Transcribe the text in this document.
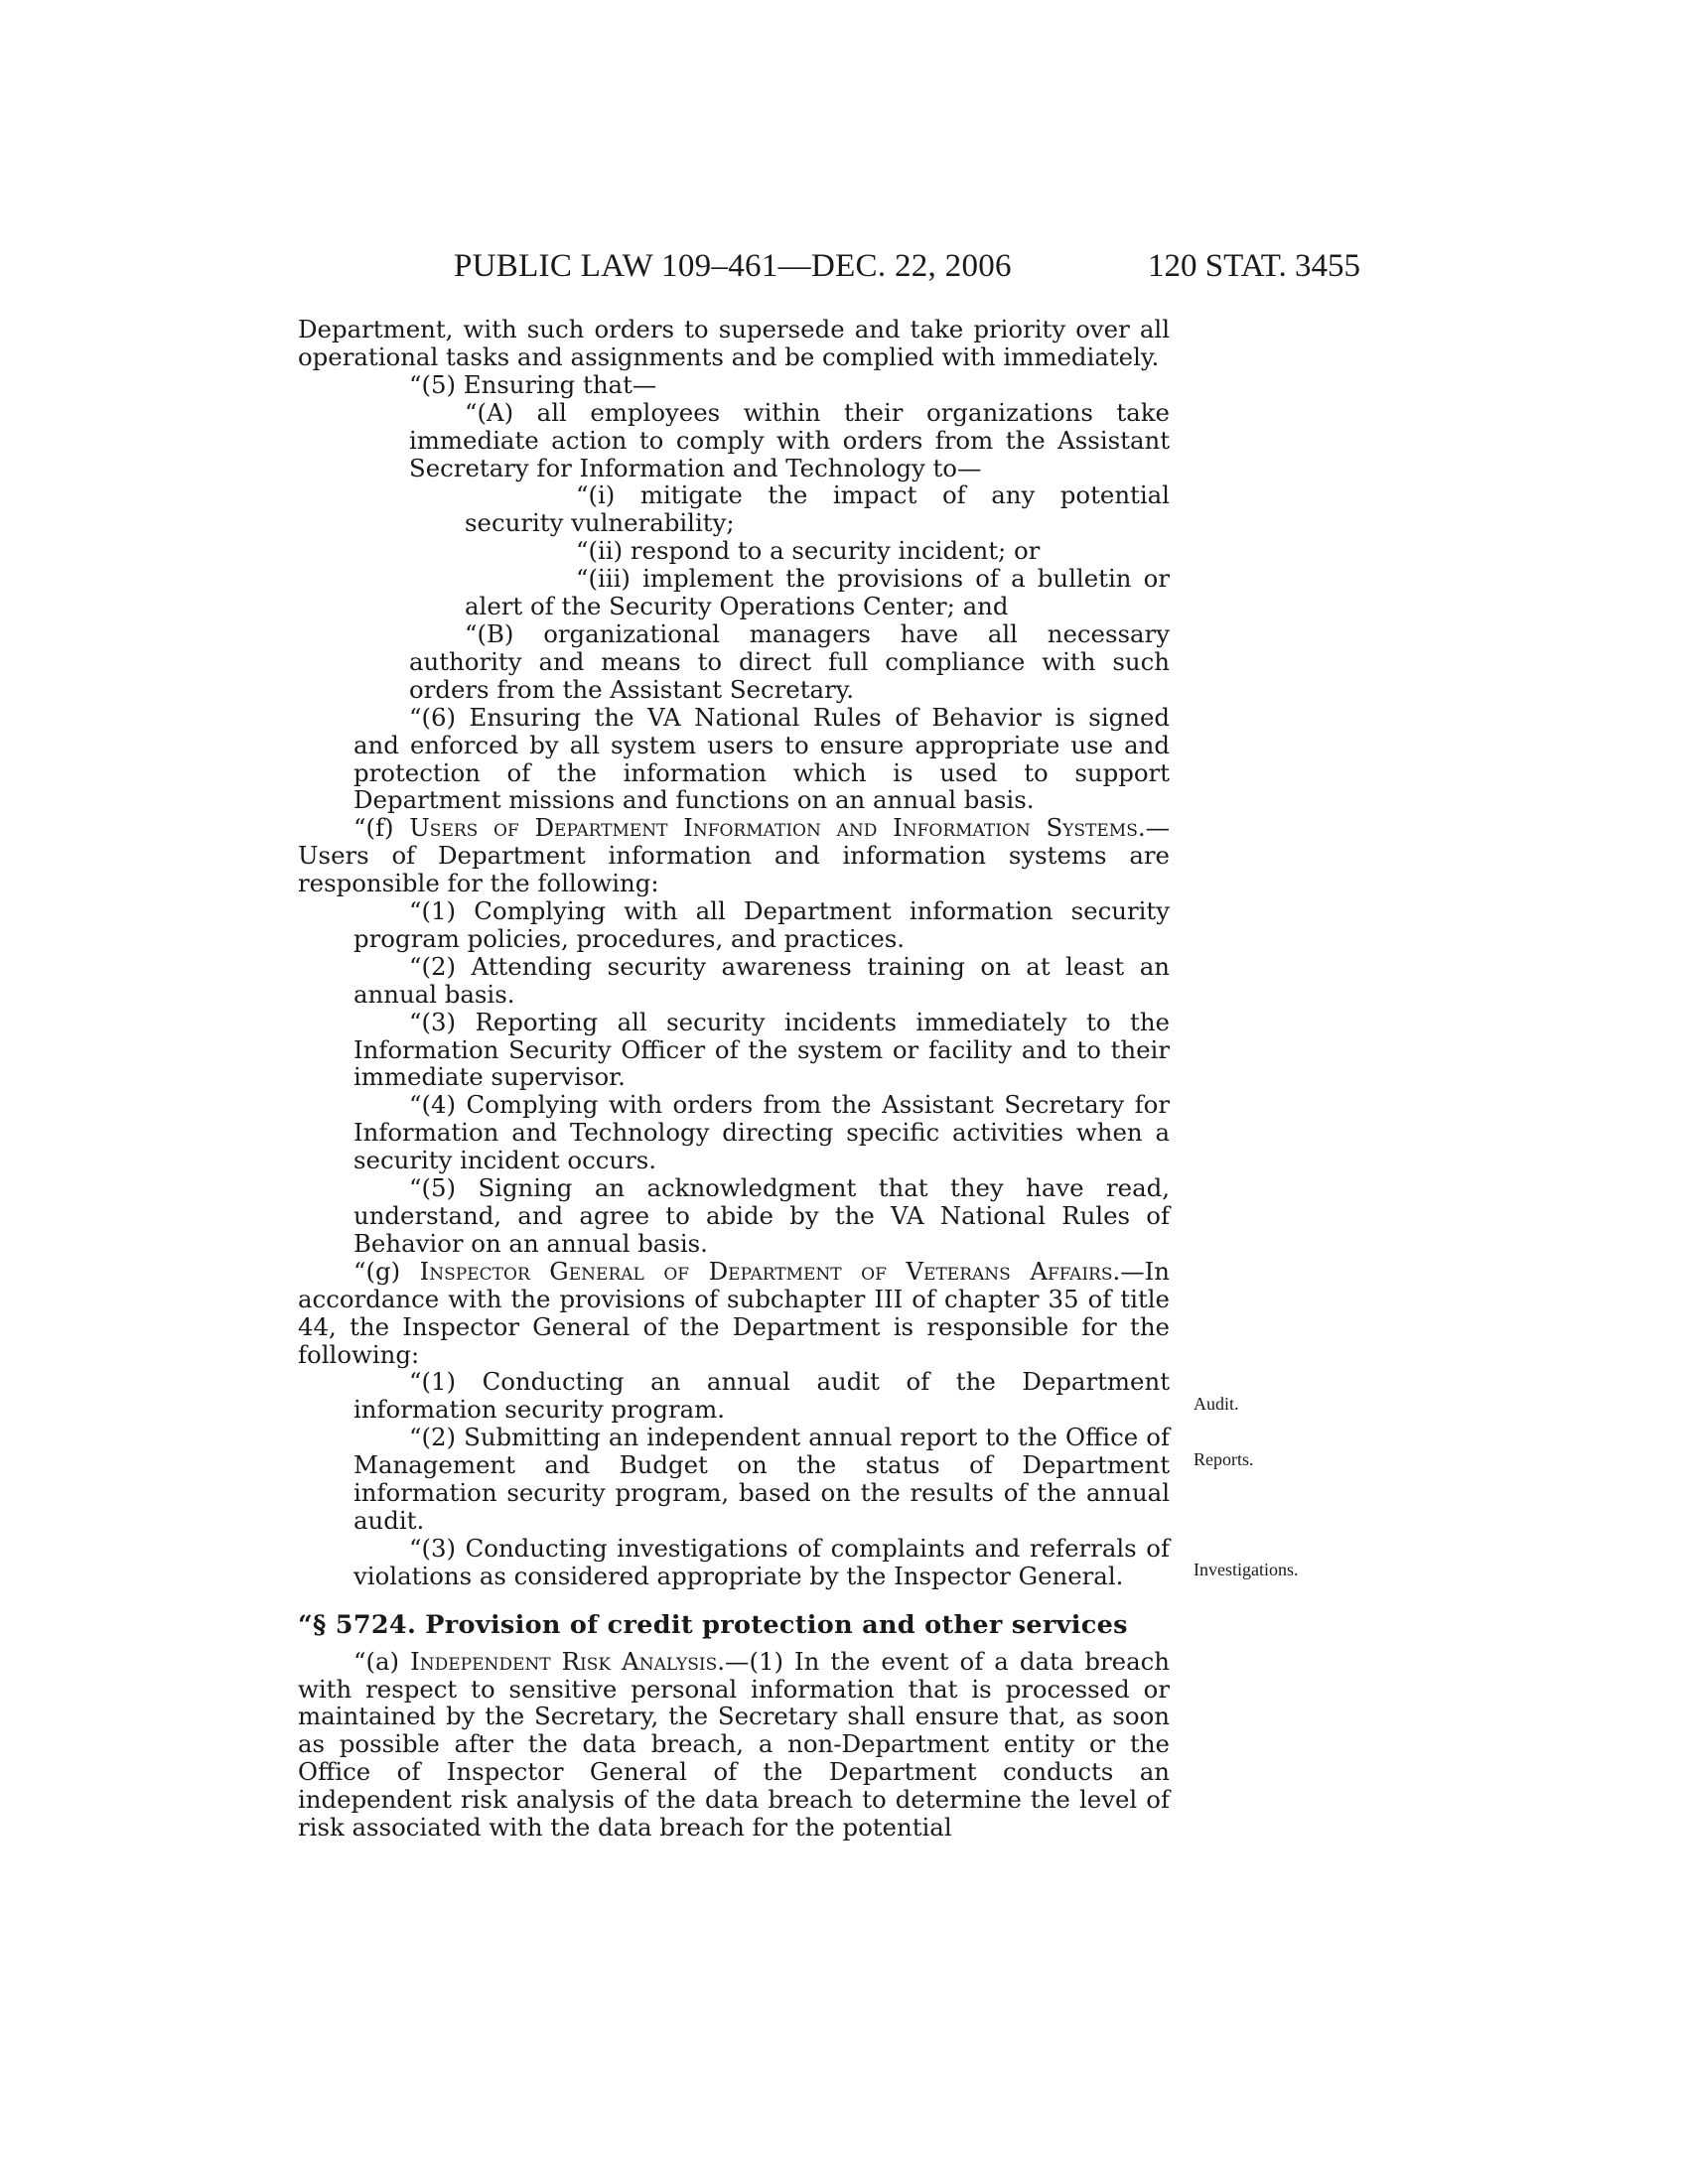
PUBLIC LAW 109–461—DEC. 22, 2006	120 STAT. 3455

Department, with such orders to supersede and take priority over all operational tasks and assignments and be complied with immediately.

“(5) Ensuring that—

“(A) all employees within their organizations take immediate action to comply with orders from the Assistant Secretary for Information and Technology to—

“(i) mitigate the impact of any potential security vulnerability;

“(ii) respond to a security incident; or

“(iii) implement the provisions of a bulletin or alert of the Security Operations Center; and

“(B) organizational managers have all necessary authority and means to direct full compliance with such orders from the Assistant Secretary.

“(6) Ensuring the VA National Rules of Behavior is signed and enforced by all system users to ensure appropriate use and protection of the information which is used to support Department missions and functions on an annual basis.

“(f) Users of Department Information and Information Systems.—Users of Department information and information systems are responsible for the following:

“(1) Complying with all Department information security program policies, procedures, and practices.

“(2) Attending security awareness training on at least an annual basis.

“(3) Reporting all security incidents immediately to the Information Security Officer of the system or facility and to their immediate supervisor.

“(4) Complying with orders from the Assistant Secretary for Information and Technology directing specific activities when a security incident occurs.

“(5) Signing an acknowledgment that they have read, understand, and agree to abide by the VA National Rules of Behavior on an annual basis.

“(g) Inspector General of Department of Veterans Affairs.—In accordance with the provisions of subchapter III of chapter 35 of title 44, the Inspector General of the Department is responsible for the following:

“(1) Conducting an annual audit of the Department information security program.

“(2) Submitting an independent annual report to the Office of Management and Budget on the status of Department information security program, based on the results of the annual audit.

“(3) Conducting investigations of complaints and referrals of violations as considered appropriate by the Inspector General.

“§ 5724. Provision of credit protection and other services

“(a) Independent Risk Analysis.—(1) In the event of a data breach with respect to sensitive personal information that is processed or maintained by the Secretary, the Secretary shall ensure that, as soon as possible after the data breach, a non-Department entity or the Office of Inspector General of the Department conducts an independent risk analysis of the data breach to determine the level of risk associated with the data breach for the potential

Audit.
Reports.
Investigations.
